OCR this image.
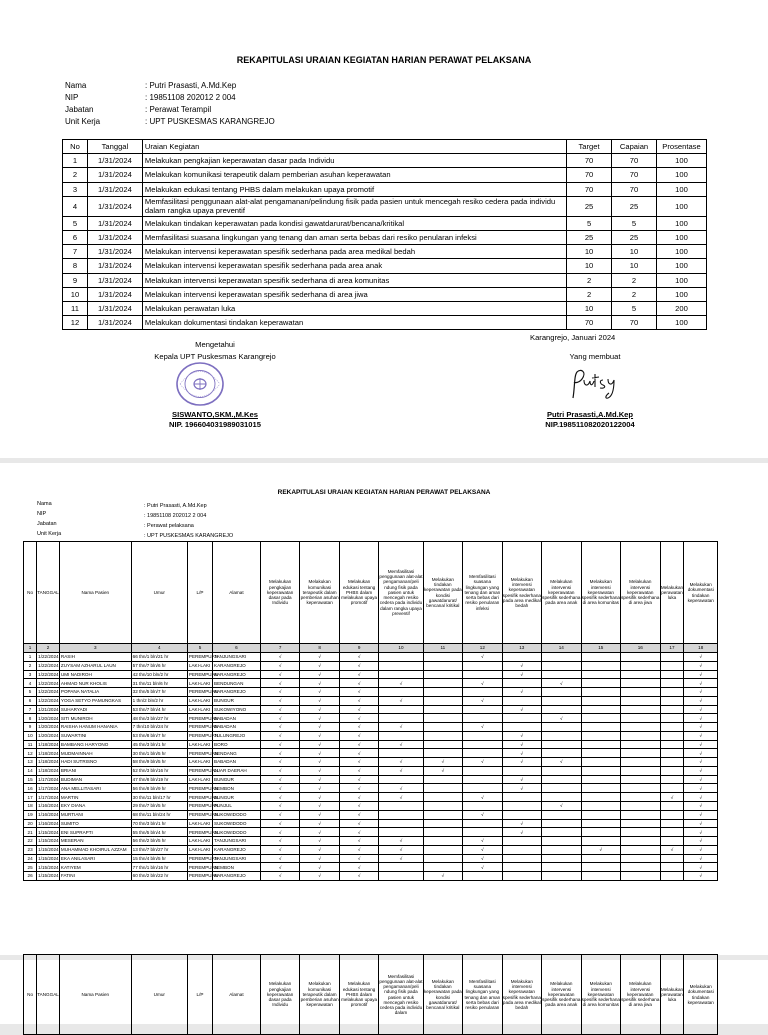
REKAPITULASI URAIAN KEGIATAN HARIAN PERAWAT PELAKSANA
Nama	: Putri Prasasti, A.Md.Kep
NIP	: 19851108 202012 2 004
Jabatan	: Perawat Terampil
Unit Kerja	: UPT PUSKESMAS KARANGREJO
No	Tanggal	Uraian Kegiatan	Target	Capaian	Prosentase
1	1/31/2024	Melakukan pengkajian keperawatan dasar pada Individu	70	70	100
2	1/31/2024	Melakukan komunikasi terapeutik dalam pemberian asuhan keperawatan	70	70	100
3	1/31/2024	Melakukan edukasi tentang PHBS dalam melakukan upaya promotif	70	70	100
4	1/31/2024	Memfasilitasi penggunaan alat-alat pengamanan/pelindung fisik pada pasien untuk mencegah resiko cedera pada individu dalam rangka upaya preventif	25	25	100
5	1/31/2024	Melakukan tindakan keperawatan pada kondisi gawatdarurat/bencana/kritikal	5	5	100
6	1/31/2024	Memfasilitasi suasana lingkungan yang tenang dan aman serta bebas dari resiko penularan infeksi	25	25	100
7	1/31/2024	Melakukan intervensi keperawatan spesifik sederhana pada area medikal bedah	10	10	100
8	1/31/2024	Melakukan intervensi keperawatan spesifik sederhana pada area anak	10	10	100
9	1/31/2024	Melakukan intervensi keperawatan spesifik sederhana di area komunitas	2	2	100
10	1/31/2024	Melakukan intervensi keperawatan spesifik sederhana di area jiwa	2	2	100
11	1/31/2024	Melakukan perawatan luka	10	5	200
12	1/31/2024	Melakukan dokumentasi tindakan keperawatan	70	70	100
Karangrejo, Januari 2024
Mengetahui
Kepala UPT Puskesmas Karangrejo	Yang membuat
SISWANTO,SKM.,M.Kes
NIP. 196604031989031015
Putri Prasasti,A.Md.Kep
NIP.198511082020122004
REKAPITULASI URAIAN KEGIATAN HARIAN PERAWAT PELAKSANA
Nama	: Putri Prasasti, A.Md.Kep
NIP	: 19851108 202012 2 004
Jabatan	: Perawat pelaksana
Unit Kerja	: UPT PUSKESMAS KARANGREJO
No	TANGGAL	Nama Pasien	Umur	L/P	Alamat	Melakukan pengkajian keperawatan dasar pada Individu	Melakukan komunikasi terapeutik dalam pemberian asuhan keperawatan	Melakukan edukasi tentang PHBS dalam melakukan upaya promotif	Memfasilitasi penggunaan alat-alat pengamanan/peli ndung fisik pada pasien untuk mencegah resiko cedera pada individu dalam rangka upaya preventif	Melakukan tindakan keperawatan pada kondisi gawatdarurat/ bencana/ kritikal	Memfasilitasi suasana lingkungan yang tenang dan aman serta bebas dari resiko penularan infeksi	Melakukan intervensi keperawatan spesifik sederhana pada area medikal bedah	Melakukan intervensi keperawatan spesifik sederhana pada area anak	Melakukan intervensi keperawatan spesifik sederhana di area komunitas	Melakukan intervensi keperawatan spesifik sederhana di area jiwa	Melakukan perawatan luka	Melakukan dokumentasi tindakan keperawatan
1	2	3	4	5	6	7	8	9	10	11	12	13	14	15	16	17	18
1	1/22/2024	RASIH	66 thn/1 bln/21 hr	PEREMPUAN	TANJUNGSARI	√	√	√			√						√
2	1/22/2024	ZUYSAM AZHARUL LAUN	57 thn/7 bln/6 hr	LAKI-LAKI	KARANGREJO	√	√	√				√					√
3	1/22/2024	UMI NADIROH	42 thn/10 bln/2 hr	PEREMPUAN	KARANGREJO	√	√	√				√					√
4	1/22/2024	AHMAD NUR KHOLIS	31 thn/11 bln/6 hr	LAKI-LAKI	BENDUNGAN	√	√	√	√		√		√				√
5	1/22/2024	POPANA NATALIA	32 thn/5 bln/7 hr	PEREMPUAN	KARANGREJO	√	√	√				√					√
6	1/22/2024	YOGA SETYO PAMUNGKAS	1 thn/2 bln/2 hr	LAKI-LAKI	BUNGUR	√	√	√	√		√						√
7	1/21/2024	SUHARYADI	53 thn/7 bln/4 hr	LAKI-LAKI	SUKOWIYONO	√	√	√				√					√
8	1/20/2024	SITI MUNIROH	48 thn/3 bln/27 hr	PEREMPUAN	BABADAN	√	√	√					√				√
9	1/20/2024	RAISHA HANUM HANANIA	7 thn/10 bln/24 hr	PEREMPUAN	BABADAN	√	√	√	√		√						√
10	1/20/2024	SUWARTINI	53 thn/8 bln/7 hr	PEREMPUAN	TULUNGREJO	√	√	√				√					√
11	1/18/2024	BAMBANG HARYONO	45 thn/3 bln/1 hr	LAKI-LAKI	BORO	√	√	√	√			√					√
12	1/18/2024	MUDMAINNAH	30 thn/1 bln/5 hr	PEREMPUAN	SENDANG	√	√	√				√					√
13	1/18/2024	HADI SUTRISNO	58 thn/9 bln/5 hr	LAKI-LAKI	BABADAN	√	√	√	√	√	√	√	√				√
14	1/18/2024	BRIANI	52 thn/3 bln/16 hr	PEREMPUAN	LUAR DAERAH	√	√	√	√	√							√
15	1/17/2024	BUDIMAN	47 thn/8 bln/19 hr	LAKI-LAKI	BUNGUR	√	√	√				√					√
16	1/17/2024	ANA MELLITASARI	56 thn/8 bln/9 hr	PEREMPUAN	SEMBON	√	√	√	√			√					√
17	1/17/2024	MARTIN	30 thn/11 bln/17 hr	PEREMPUAN	BUNGUR	√	√	√	√		√					√	√
18	1/16/2024	EKY DIANA	29 thn/7 bln/5 hr	PEREMPUAN	PUNJUL	√	√	√					√				√
19	1/16/2024	MURTIANI	68 thn/11 bln/24 hr	PEREMPUAN	SUKOWIDODO	√	√	√			√						√
20	1/16/2024	SUMITO	70 thn/3 bln/1 hr	LAKI-LAKI	SUKOWIDODO	√	√	√				√					√
21	1/15/2024	ENI SUPRAPTI	55 thn/5 bln/4 hr	PEREMPUAN	SUKOWIDODO	√	√	√				√					√
22	1/15/2024	MESERAN	56 thn/2 bln/5 hr	LAKI-LAKI	TANJUNGSARI	√	√	√	√		√						√
23	1/15/2024	MUHAMMAD KHOIRUL AZZAM	13 thn/7 bln/27 hr	LAKI-LAKI	KARANGREJO	√	√	√	√		√			√		√	√
24	1/15/2024	EKA ANILASARI	15 thn/4 bln/5 hr	PEREMPUAN	TANJUNGSARI	√	√	√	√		√						√
25	1/15/2024	KATIYEM	77 thn/1 bln/16 hr	PEREMPUAN	SEMBON	√	√	√			√						√
26	1/15/2024	FATINI	60 thn/2 bln/22 hr	PEREMPUAN	KARANGREJO	√	√	√		√							√
No	TANGGAL	Nama Pasien	Umur	L/P	Alamat	Melakukan pengkajian keperawatan dasar pada Individu	Melakukan komunikasi terapeutik dalam pemberian asuhan keperawatan	Melakukan edukasi tentang PHBS dalam melakukan upaya promotif	Memfasilitasi penggunaan alat-alat pengamanan/peli ndung fisik pada pasien untuk mencegah resiko cedera pada individu dalam	Melakukan tindakan keperawatan pada kondisi gawatdarurat/ bencana/ kritikal	Memfasilitasi suasana lingkungan yang tenang dan aman serta bebas dari resiko penularan	Melakukan intervensi keperawatan spesifik sederhana pada area medikal bedah	Melakukan intervensi keperawatan spesifik sederhana pada area anak	Melakukan intervensi keperawatan spesifik sederhana di area komunitas	Melakukan intervensi keperawatan spesifik sederhana di area jiwa	Melakukan perawatan luka	Melakukan dokumentasi tindakan keperawatan
